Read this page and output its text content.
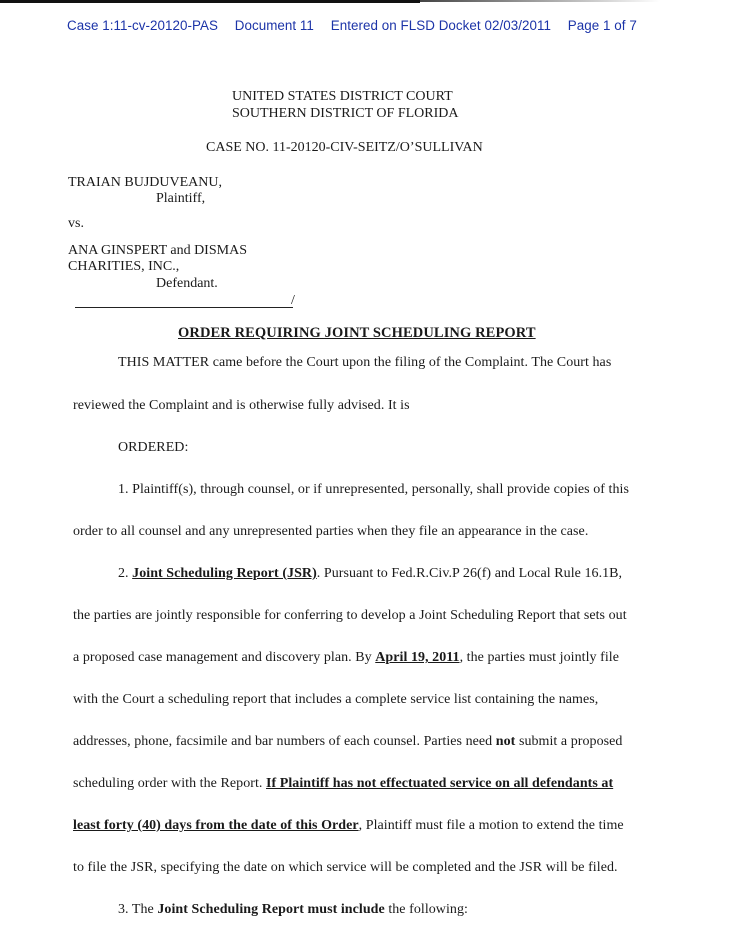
Case 1:11-cv-20120-PAS Document 11 Entered on FLSD Docket 02/03/2011 Page 1 of 7
UNITED STATES DISTRICT COURT
SOUTHERN DISTRICT OF FLORIDA
CASE NO. 11-20120-CIV-SEITZ/O’SULLIVAN
TRAIAN BUJDUVEANU,
Plaintiff,
vs.
ANA GINSPERT and DISMAS
CHARITIES, INC.,
Defendant.
/
ORDER REQUIRING JOINT SCHEDULING REPORT
THIS MATTER came before the Court upon the filing of the Complaint. The Court has
reviewed the Complaint and is otherwise fully advised. It is
ORDERED:
1. Plaintiff(s), through counsel, or if unrepresented, personally, shall provide copies of this
order to all counsel and any unrepresented parties when they file an appearance in the case.
2. Joint Scheduling Report (JSR). Pursuant to Fed.R.Civ.P 26(f) and Local Rule 16.1B,
the parties are jointly responsible for conferring to develop a Joint Scheduling Report that sets out
a proposed case management and discovery plan. By April 19, 2011, the parties must jointly file
with the Court a scheduling report that includes a complete service list containing the names,
addresses, phone, facsimile and bar numbers of each counsel. Parties need not submit a proposed
scheduling order with the Report. If Plaintiff has not effectuated service on all defendants at
least forty (40) days from the date of this Order, Plaintiff must file a motion to extend the time
to file the JSR, specifying the date on which service will be completed and the JSR will be filed.
3. The Joint Scheduling Report must include the following:
